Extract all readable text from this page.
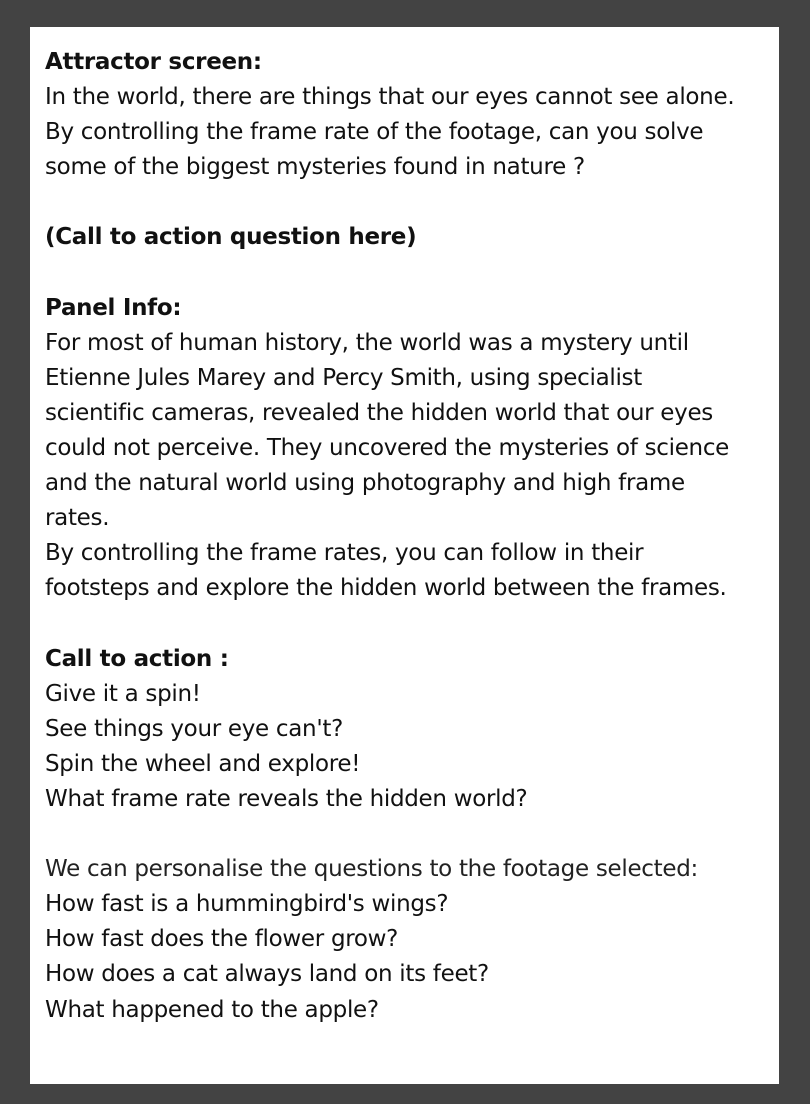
Attractor screen:
In the world, there are things that our eyes cannot see alone.
By controlling the frame rate of the footage, can you solve
some of the biggest mysteries found in nature ?
(Call to action question here)
Panel Info:
For most of human history, the world was a mystery until
Etienne Jules Marey and Percy Smith, using specialist
scientific cameras, revealed the hidden world that our eyes
could not perceive. They uncovered the mysteries of science
and the natural world using photography and high frame
rates.
By controlling the frame rates, you can follow in their
footsteps and explore the hidden world between the frames.
Call to action :
Give it a spin!
See things your eye can't?
Spin the wheel and explore!
What frame rate reveals the hidden world?
We can personalise the questions to the footage selected:
How fast is a hummingbird's wings?
How fast does the flower grow?
How does a cat always land on its feet?
What happened to the apple?
